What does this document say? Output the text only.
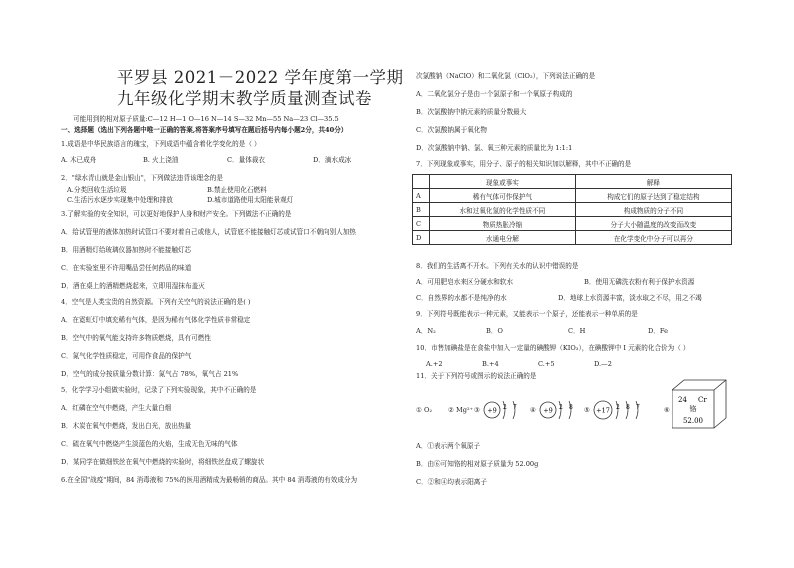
平罗县 2021－2022 学年度第一学期
九年级化学期末教学质量测查试卷
可能用到的相对原子质量:C—12 H—1 O—16 N—14 S—32 Mn—55 Na—23 Cl—35.5
一、选择题（选出下列各题中唯一正确的答案,将答案序号填写在题后括号内每小题2分，共40分）
1.成语是中华民族语言的瑰宝，下列成语中蕴含着化学变化的是（ ）
A. 木已成舟	B. 火上浇油	C．量体裁衣	D．滴水成冰
2．"绿水青山就是金山银山"，下列做法违背该理念的是
A.分类回收生活垃圾	B.禁止使用化石燃料
C.生活污水逐步实现集中处理和排放	D.城市道路使用太阳能景观灯
3.了解实验的安全知识，可以更好地保护人身和财产安全。下列做法不正确的是
A．给试管里的液体加热时试管口不要对着自己或他人，试管底不能接触灯芯或试管口不朝向别人加热
B．用酒精灯给玻璃仪器加热时不能接触灯芯
C．在实验室里不许用嘴品尝任何药品的味道
D．酒在桌上的酒精燃烧起来，立即用湿抹布盖灭
4．空气是人类宝贵的自然资源。下列有关空气的说法正确的是( )
A．在霓虹灯中填充稀有气体，是因为稀有气体化学性质非常稳定
B．空气中的氧气能支持许多物质燃烧，具有可燃性
C．氮气化学性质稳定，可用作食品的保护气
D．空气的成分按质量分数计算：氮气占 78%，氧气占 21%
5．化学学习小组做实验时，记录了下列实验现象，其中不正确的是
A．红磷在空气中燃烧，产生大量白烟
B．木炭在氧气中燃烧，发出白光，放出热量
C．硫在氧气中燃烧产生淡蓝色的火焰，生成无色无味的气体
D．某同学在做细铁丝在氧气中燃烧的实验时，将细铁丝盘成了螺旋状
6.在全国"战疫"期间，84 消毒液和 75%的医用酒精成为最畅销的商品。其中 84 消毒液的有效成分为
次氯酸钠（NaClO）和二氧化氯（ClO₂），下列说法正确的是
A．二氧化氯分子是由一个氯原子和一个氧原子构成的
B．次氯酸钠中钠元素的质量分数最大
C．次氯酸钠属于氧化物
D．次氯酸钠中钠、氯、氧三种元素的质量比为 1:1:1
7．下列现象或事实，用分子、原子的相关知识加以解释，其中不正确的是
	现象或事实	解释
A	稀有气体可作保护气	构成它们的原子达到了稳定结构
B	水和过氧化氢的化学性质不同	构成物质的分子不同
C	物质热胀冷缩	分子大小随温度的改变而改变
D	水通电分解	在化学变化中分子可以再分
8．我们的生活离不开水。下列有关水的认识中错误的是
A．可用肥皂水来区分硬水和软水	B．使用无磷洗衣粉有利于保护水资源
C．自然界的水都不是纯净的水	D．地球上水资源丰富，淡水取之不尽，用之不竭
9．下列符号既能表示一种元素，又能表示一个原子，还能表示一种单质的是
A．N₂	B．O	C．H	D．Fe
10．市售加碘盐是在食盐中加入一定量的碘酸钾（KIO₃），在碘酸钾中 I 元素的化合价为（ ）
A.+2	B.+4	C.+5	D.—2
11．关于下列符号或图示的说法正确的是
① O₂ ② Mg²⁺ ③	④	⑤	⑥
+9 2 7	+9 2 8	+17 2 8 7
24 Cr
铬
52.00
A．①表示两个氧原子
B．由⑥可知铬的相对原子质量为 52.00g
C．②和④均表示阳离子
